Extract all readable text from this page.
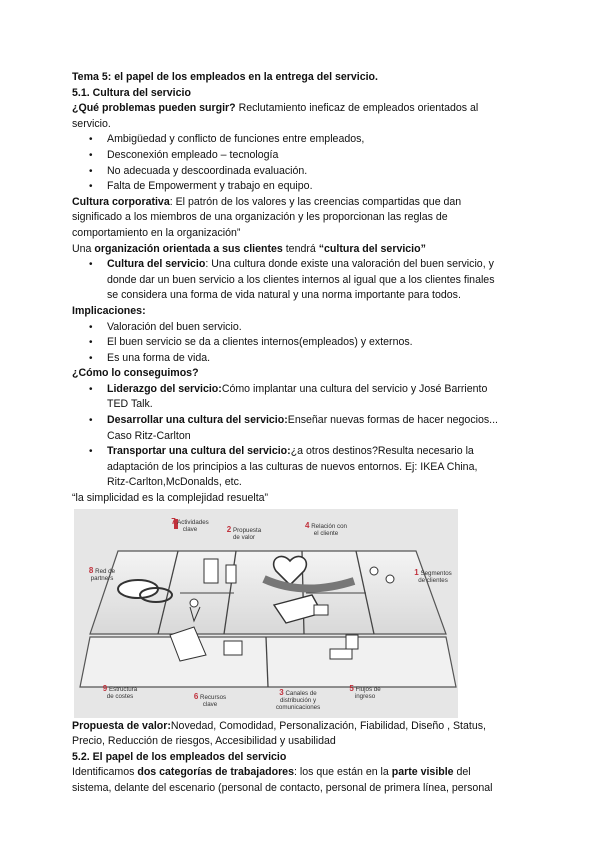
Tema 5: el papel de los empleados en la entrega del servicio.
5.1. Cultura del servicio
¿Qué problemas pueden surgir? Reclutamiento ineficaz de empleados orientados al
servicio.
• Ambigüedad y conflicto de funciones entre empleados,
• Desconexión empleado – tecnología
• No adecuada y descoordinada evaluación.
• Falta de Empowerment y trabajo en equipo.
Cultura corporativa: El patrón de los valores y las creencias compartidas que dan
significado a los miembros de una organización y les proporcionan las reglas de
comportamiento en la organización”
Una organización orientada a sus clientes tendrá “cultura del servicio”
• Cultura del servicio: Una cultura donde existe una valoración del buen servicio, y
donde dar un buen servicio a los clientes internos al igual que a los clientes finales
se considera una forma de vida natural y una norma importante para todos.
Implicaciones:
• Valoración del buen servicio.
• El buen servicio se da a clientes internos(empleados) y externos.
• Es una forma de vida.
¿Cómo lo conseguimos?
• Liderazgo del servicio:Cómo implantar una cultura del servicio y José Barriento
TED Talk.
• Desarrollar una cultura del servicio:Enseñar nuevas formas de hacer negocios...
Caso Ritz-Carlton
• Transportar una cultura del servicio:¿a otros destinos?Resulta necesario la
adaptación de los principios a las culturas de nuevos entornos. Ej: IKEA China,
Ritz-Carlton,McDonalds, etc.
“la simplicidad es la complejidad resuelta”
7 Actividades clave	2 Propuesta de valor
4 Relación con el cliente
8 Red de partners
1 Segmentos de clientes
9 Estructura de costes	6 Recursos clave
3 Canales de distribución y comunicaciones
5 Flujos de ingreso
Propuesta de valor:Novedad, Comodidad, Personalización, Fiabilidad, Diseño , Status,
Precio, Reducción de riesgos, Accesibilidad y usabilidad
5.2. El papel de los empleados del servicio
Identificamos dos categorías de trabajadores: los que están en la parte visible del
sistema, delante del escenario (personal de contacto, personal de primera línea, personal
